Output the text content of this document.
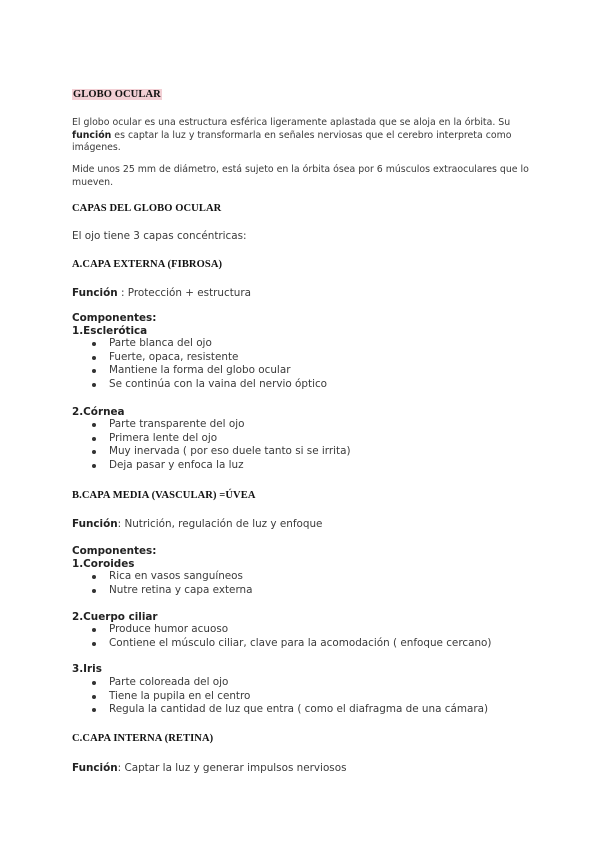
GLOBO OCULAR
El globo ocular es una estructura esférica ligeramente aplastada que se aloja en la órbita. Su función es captar la luz y transformarla en señales nerviosas que el cerebro interpreta como imágenes.
Mide unos 25 mm de diámetro, está sujeto en la órbita ósea por 6 músculos extraoculares que lo mueven.
CAPAS DEL GLOBO OCULAR
El ojo tiene 3 capas concéntricas:
A.CAPA EXTERNA (FIBROSA)
Función : Protección + estructura
Componentes:
1.Esclerótica
Parte blanca del ojo
Fuerte, opaca, resistente
Mantiene la forma del globo ocular
Se continúa con la vaina del nervio óptico
2.Córnea
Parte transparente del ojo
Primera lente del ojo
Muy inervada ( por eso duele tanto si se irrita)
Deja pasar y enfoca la luz
B.CAPA MEDIA (VASCULAR) =ÚVEA
Función: Nutrición, regulación de luz y enfoque
Componentes:
1.Coroides
Rica en vasos sanguíneos
Nutre retina y capa externa
2.Cuerpo ciliar
Produce humor acuoso
Contiene el músculo ciliar, clave para la acomodación ( enfoque cercano)
3.Iris
Parte coloreada del ojo
Tiene la pupila en el centro
Regula la cantidad de luz que entra ( como el diafragma de una cámara)
C.CAPA INTERNA (RETINA)
Función: Captar la luz y generar impulsos nerviosos
